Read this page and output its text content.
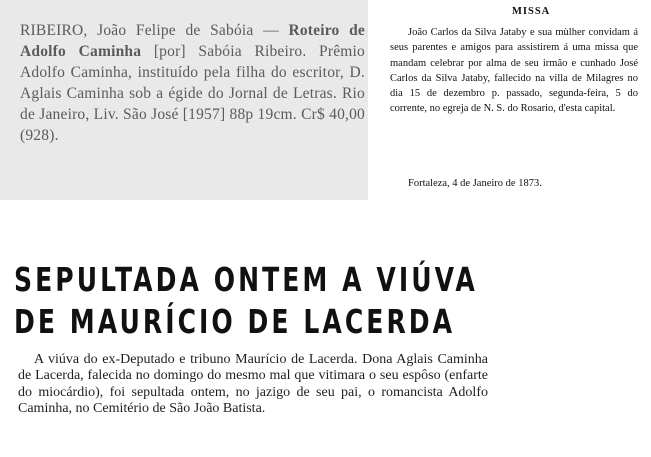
RIBEIRO, João Felipe de Sabóia — Roteiro de Adolfo Caminha [por] Sabóia Ribeiro. Prêmio Adolfo Caminha, instituído pela filha do escritor, D. Aglais Caminha sob a égide do Jornal de Letras. Rio de Janeiro, Liv. São José [1957] 88p 19cm. Cr$ 40,00 (928).

MISSA

João Carlos da Silva Jataby e sua mùlher convidam á seus parentes e amigos para assistirem á uma missa que mandam celebrar por alma de seu irmão e cunhado José Carlos da Silva Jataby, fallecido na villa de Milagres no dia 15 de dezembro p. passado, segunda-feira, 5 do corrente, no egreja de N. S. do Rosario, d'esta capital.

Fortaleza, 4 de Janeiro de 1873.

SEPULTADA ONTEM A VIÚVA
DE MAURÍCIO DE LACERDA

A viúva do ex-Deputado e tribuno Maurício de Lacerda. Dona Aglais Caminha de Lacerda, falecida no domingo do mesmo mal que vitimara o seu espôso (enfarte do miocárdio), foi sepultada ontem, no jazigo de seu pai, o romancista Adolfo Caminha, no Cemitério de São João Batista.
